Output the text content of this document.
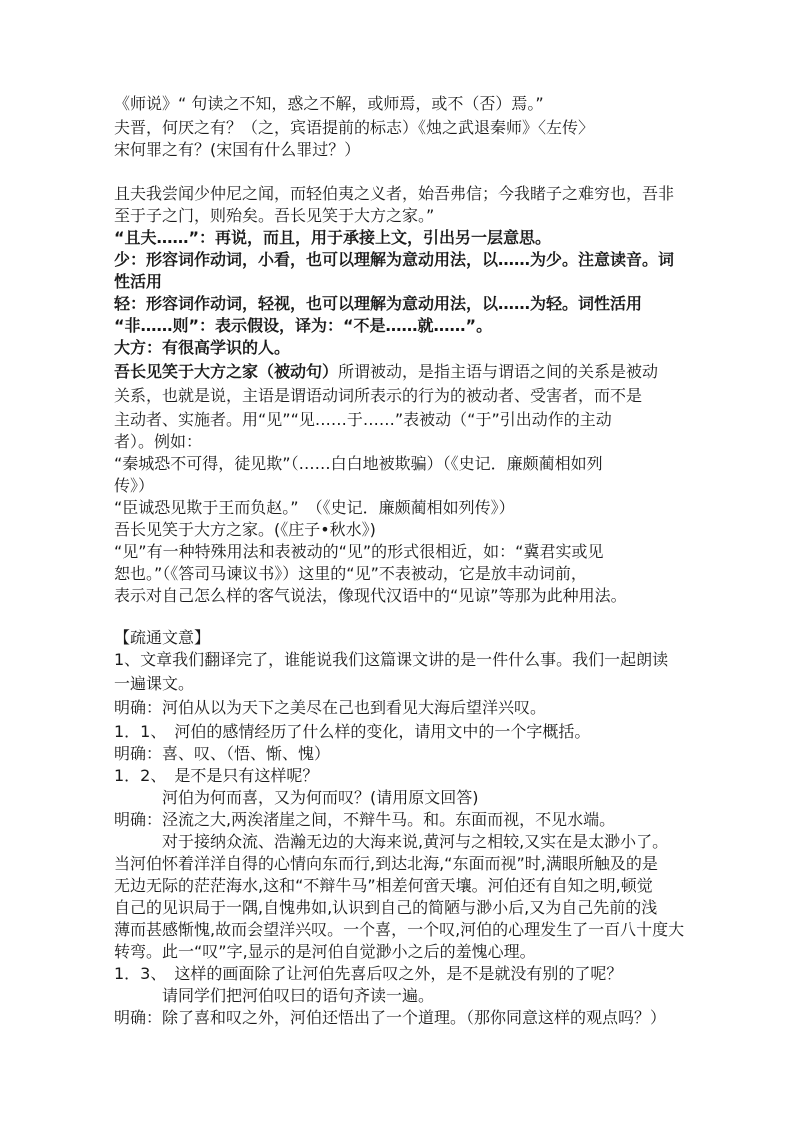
《师说》“ 句读之不知，惑之不解，或师焉，或不（否）焉。”
夫晋，何厌之有？（之，宾语提前的标志）《烛之武退秦师》〈左传〉
宋何罪之有？(宋国有什么罪过？）
且夫我尝闻少仲尼之闻，而轻伯夷之义者，始吾弗信；今我睹子之难穷也，吾非
至于子之门，则殆矣。吾长见笑于大方之家。”
“且夫……”：再说，而且，用于承接上文，引出另一层意思。
少：形容词作动词，小看，也可以理解为意动用法，以……为少。注意读音。词
性活用
轻：形容词作动词，轻视，也可以理解为意动用法，以……为轻。词性活用
“非……则”：表示假设，译为：“不是……就……”。
大方：有很高学识的人。
吾长见笑于大方之家（被动句）所谓被动，是指主语与谓语之间的关系是被动
关系，也就是说，主语是谓语动词所表示的行为的被动者、受害者，而不是
主动者、实施者。用“见”“见……于……”表被动（“于”引出动作的主动
者）。例如：
“秦城恐不可得，徒见欺”（……白白地被欺骗）（《史记．廉颇蔺相如列
传》）
“臣诚恐见欺于王而负赵。”　（《史记．廉颇蔺相如列传》）
吾长见笑于大方之家。(《庄子•秋水》)
“见”有一种特殊用法和表被动的“见”的形式很相近，如：“冀君实或见
恕也。”（《答司马谏议书》）这里的“见”不表被动，它是放丰动词前，
表示对自己怎么样的客气说法，像现代汉语中的“见谅”等那为此种用法。
【疏通文意】
1、文章我们翻译完了，谁能说我们这篇课文讲的是一件什么事。我们一起朗读
一遍课文。
明确：河伯从以为天下之美尽在己也到看见大海后望洋兴叹。
1．1、　河伯的感情经历了什么样的变化，请用文中的一个字概括。
明确：喜、叹、（悟、惭、愧）
1．2、　是不是只有这样呢？
河伯为何而喜，又为何而叹？(请用原文回答)
明确：泾流之大,两涘渚崖之间，不辩牛马。和。东面而视，不见水端。
对于接纳众流、浩瀚无边的大海来说,黄河与之相较,又实在是太渺小了。
当河伯怀着洋洋自得的心情向东而行,到达北海,“东面而视”时,满眼所触及的是
无边无际的茫茫海水,这和“不辩牛马”相差何啻天壤。河伯还有自知之明,顿觉
自己的见识局于一隅,自愧弗如,认识到自己的简陋与渺小后,又为自己先前的浅
薄而甚感惭愧,故而会望洋兴叹。一个喜，一个叹,河伯的心理发生了一百八十度大
转弯。此一“叹”字,显示的是河伯自觉渺小之后的羞愧心理。
1．3、　这样的画面除了让河伯先喜后叹之外，是不是就没有别的了呢？
请同学们把河伯叹曰的语句齐读一遍。
明确：除了喜和叹之外，河伯还悟出了一个道理。（那你同意这样的观点吗？）
